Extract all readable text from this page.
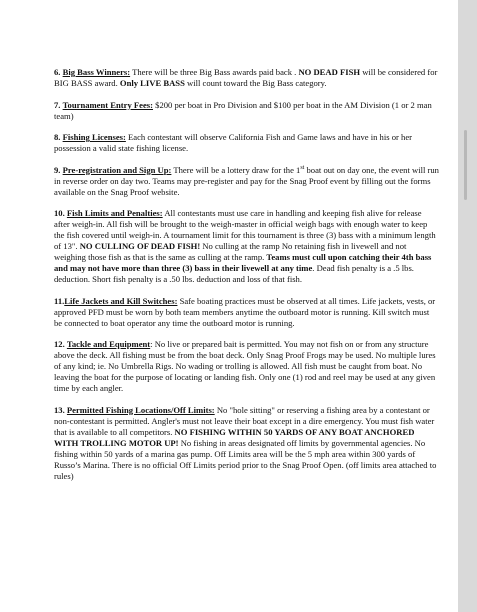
6. Big Bass Winners: There will be three Big Bass awards paid back . NO DEAD FISH will be considered for BIG BASS award. Only LIVE BASS will count toward the Big Bass category.

7. Tournament Entry Fees: $200 per boat in Pro Division and $100 per boat in the AM Division (1 or 2 man team)

8. Fishing Licenses: Each contestant will observe California Fish and Game laws and have in his or her possession a valid state fishing license.

9. Pre-registration and Sign Up: There will be a lottery draw for the 1st boat out on day one, the event will run in reverse order on day two. Teams may pre-register and pay for the Snag Proof event by filling out the forms available on the Snag Proof website.

10. Fish Limits and Penalties: All contestants must use care in handling and keeping fish alive for release after weigh-in. All fish will be brought to the weigh-master in official weigh bags with enough water to keep the fish covered until weigh-in. A tournament limit for this tournament is three (3) bass with a minimum length of 13". NO CULLING OF DEAD FISH! No culling at the ramp No retaining fish in livewell and not weighing those fish as that is the same as culling at the ramp. Teams must cull upon catching their 4th bass and may not have more than three (3) bass in their livewell at any time. Dead fish penalty is a .5 lbs. deduction. Short fish penalty is a .50 lbs. deduction and loss of that fish.

11.Life Jackets and Kill Switches: Safe boating practices must be observed at all times. Life jackets, vests, or approved PFD must be worn by both team members anytime the outboard motor is running. Kill switch must be connected to boat operator any time the outboard motor is running.

12. Tackle and Equipment: No live or prepared bait is permitted. You may not fish on or from any structure above the deck. All fishing must be from the boat deck. Only Snag Proof Frogs may be used. No multiple lures of any kind; ie. No Umbrella Rigs. No wading or trolling is allowed. All fish must be caught from boat. No leaving the boat for the purpose of locating or landing fish. Only one (1) rod and reel may be used at any given time by each angler.

13. Permitted Fishing Locations/Off Limits: No "hole sitting" or reserving a fishing area by a contestant or non-contestant is permitted. Angler's must not leave their boat except in a dire emergency. You must fish water that is available to all competitors. NO FISHING WITHIN 50 YARDS OF ANY BOAT ANCHORED WITH TROLLING MOTOR UP! No fishing in areas designated off limits by governmental agencies. No fishing within 50 yards of a marina gas pump. Off Limits area will be the 5 mph area within 300 yards of Russo’s Marina. There is no official Off Limits period prior to the Snag Proof Open. (off limits area attached to rules)
